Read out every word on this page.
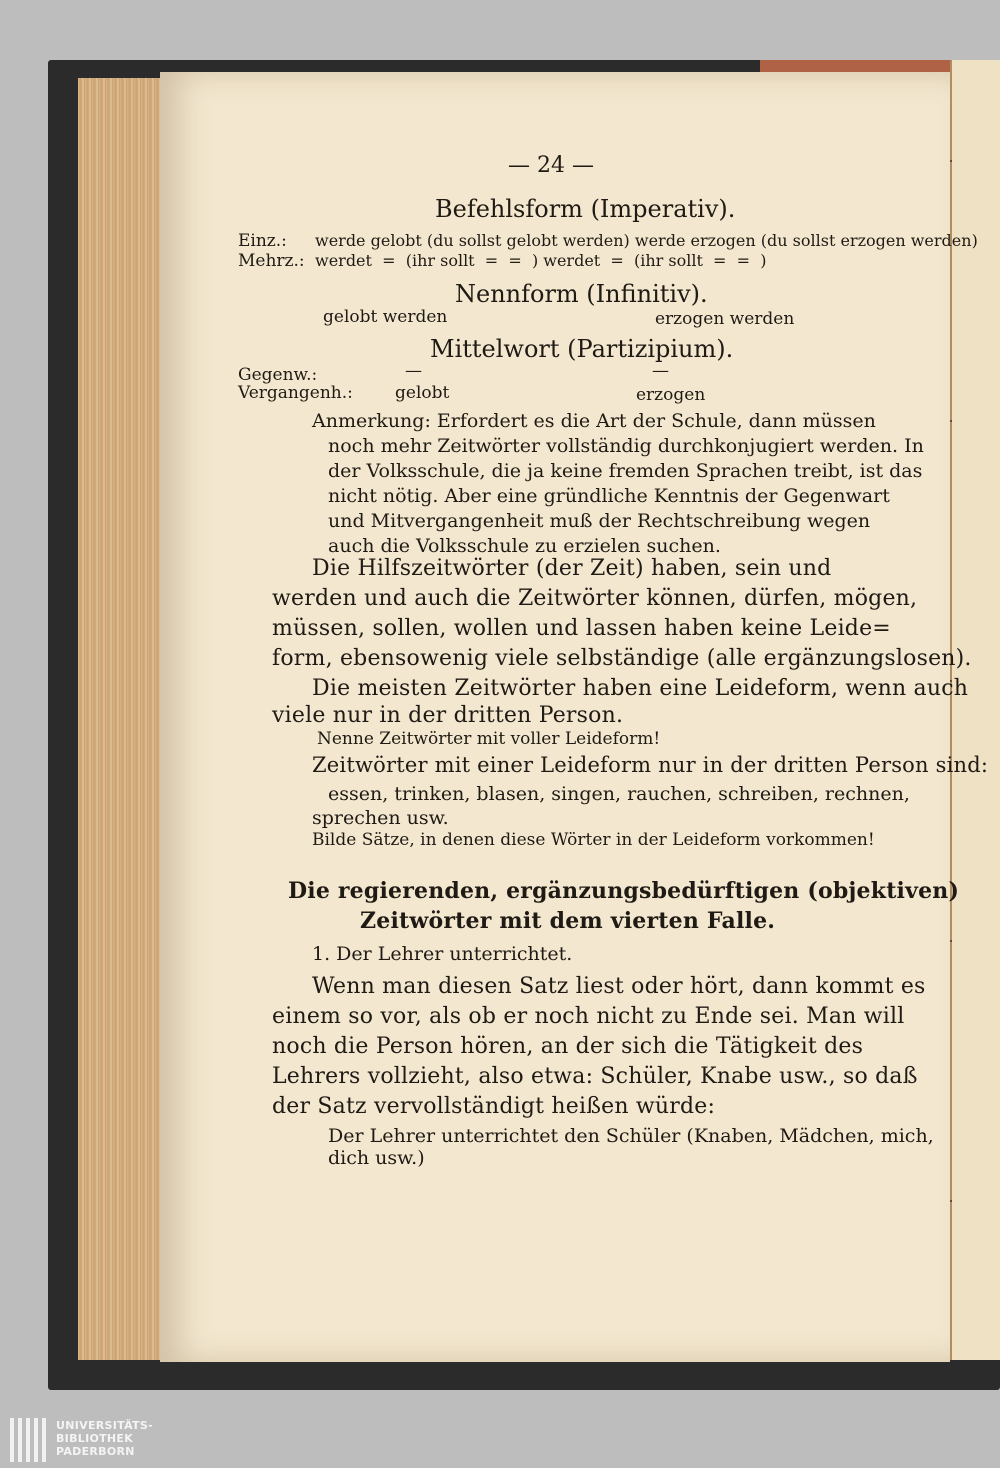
— 24 —
Befehlsform (Imperativ).
Einz.: werde gelobt (du sollst gelobt werden) werde erzogen (du sollst erzogen werden)
Mehrz.: werdet  =  (ihr sollt  =  =  ) werdet  =  (ihr sollt  =  =  )
Nennform (Infinitiv).
gelobt werden	erzogen werden
Mittelwort (Partizipium).
Gegenw.:	—	—
Vergangenh.: gelobt	erzogen
Anmerkung: Erfordert es die Art der Schule, dann müssen
noch mehr Zeitwörter vollständig durchkonjugiert werden. In
der Volksschule, die ja keine fremden Sprachen treibt, ist das
nicht nötig. Aber eine gründliche Kenntnis der Gegenwart
und Mitvergangenheit muß der Rechtschreibung wegen
auch die Volksschule zu erzielen suchen.
Die Hilfszeitwörter (der Zeit) haben, sein und
werden und auch die Zeitwörter können, dürfen, mögen,
müssen, sollen, wollen und lassen haben keine Leide=
form, ebensowenig viele selbständige (alle ergänzungslosen).
Die meisten Zeitwörter haben eine Leideform, wenn auch
viele nur in der dritten Person.
Nenne Zeitwörter mit voller Leideform!
Zeitwörter mit einer Leideform nur in der dritten Person sind:
essen, trinken, blasen, singen, rauchen, schreiben, rechnen,
sprechen usw.
Bilde Sätze, in denen diese Wörter in der Leideform vorkommen!
Die regierenden, ergänzungsbedürftigen (objektiven)
Zeitwörter mit dem vierten Falle.
1. Der Lehrer unterrichtet.
Wenn man diesen Satz liest oder hört, dann kommt es
einem so vor, als ob er noch nicht zu Ende sei. Man will
noch die Person hören, an der sich die Tätigkeit des
Lehrers vollzieht, also etwa: Schüler, Knabe usw., so daß
der Satz vervollständigt heißen würde:
Der Lehrer unterrichtet den Schüler (Knaben, Mädchen, mich,
dich usw.)
UNIVERSITÄTS-
BIBLIOTHEK
PADERBORN
